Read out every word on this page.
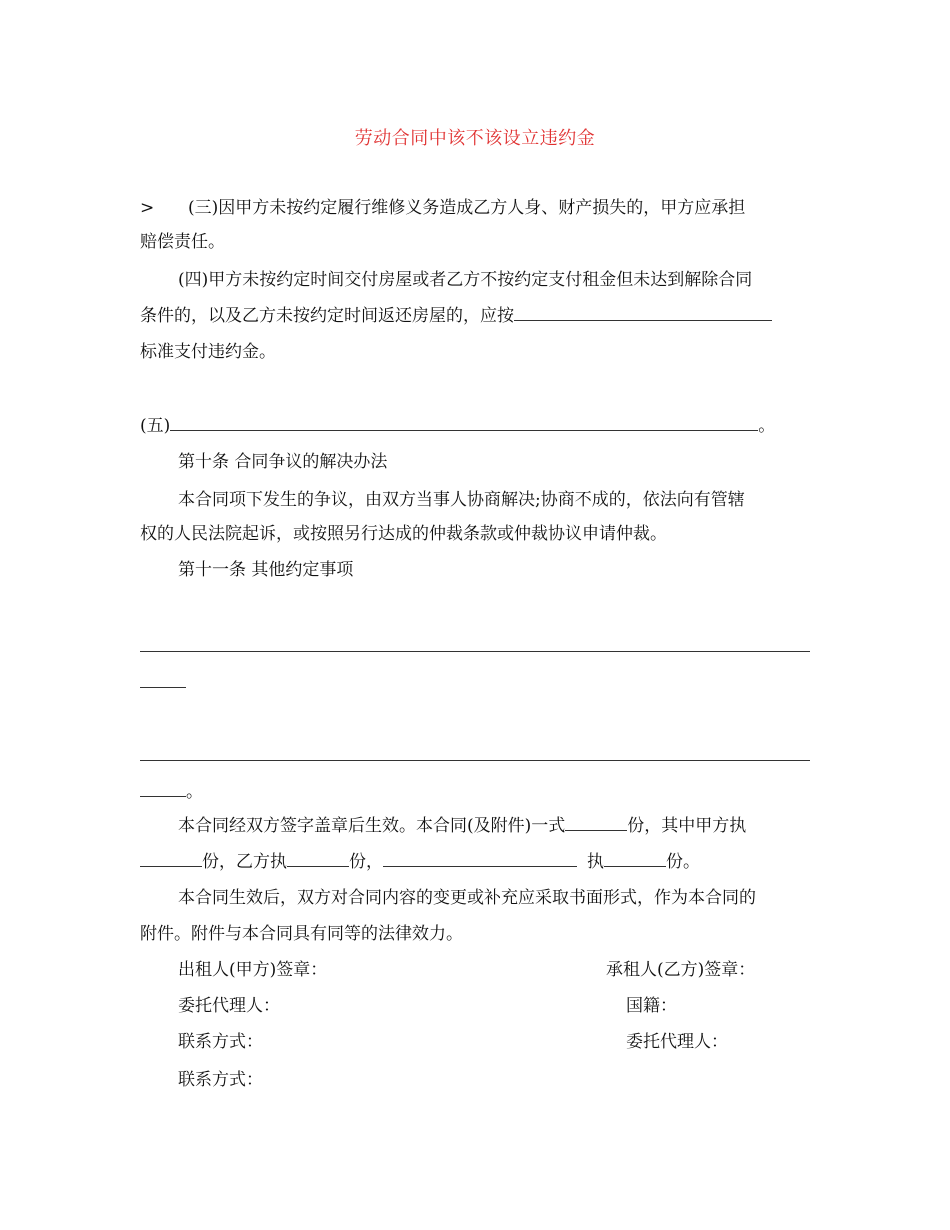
劳动合同中该不该设立违约金
> (三)因甲方未按约定履行维修义务造成乙方人身、财产损失的，甲方应承担
赔偿责任。
(四)甲方未按约定时间交付房屋或者乙方不按约定支付租金但未达到解除合同
条件的，以及乙方未按约定时间返还房屋的，应按
标准支付违约金。
(五)	。
第十条 合同争议的解决办法
本合同项下发生的争议，由双方当事人协商解决;协商不成的，依法向有管辖
权的人民法院起诉，或按照另行达成的仲裁条款或仲裁协议申请仲裁。
第十一条 其他约定事项
。
本合同经双方签字盖章后生效。本合同(及附件)一式	份，其中甲方执
份，乙方执	份，	执	份。
本合同生效后，双方对合同内容的变更或补充应采取书面形式，作为本合同的
附件。附件与本合同具有同等的法律效力。
出租人(甲方)签章：	承租人(乙方)签章：
委托代理人：	国籍：
联系方式：	委托代理人：
联系方式：
